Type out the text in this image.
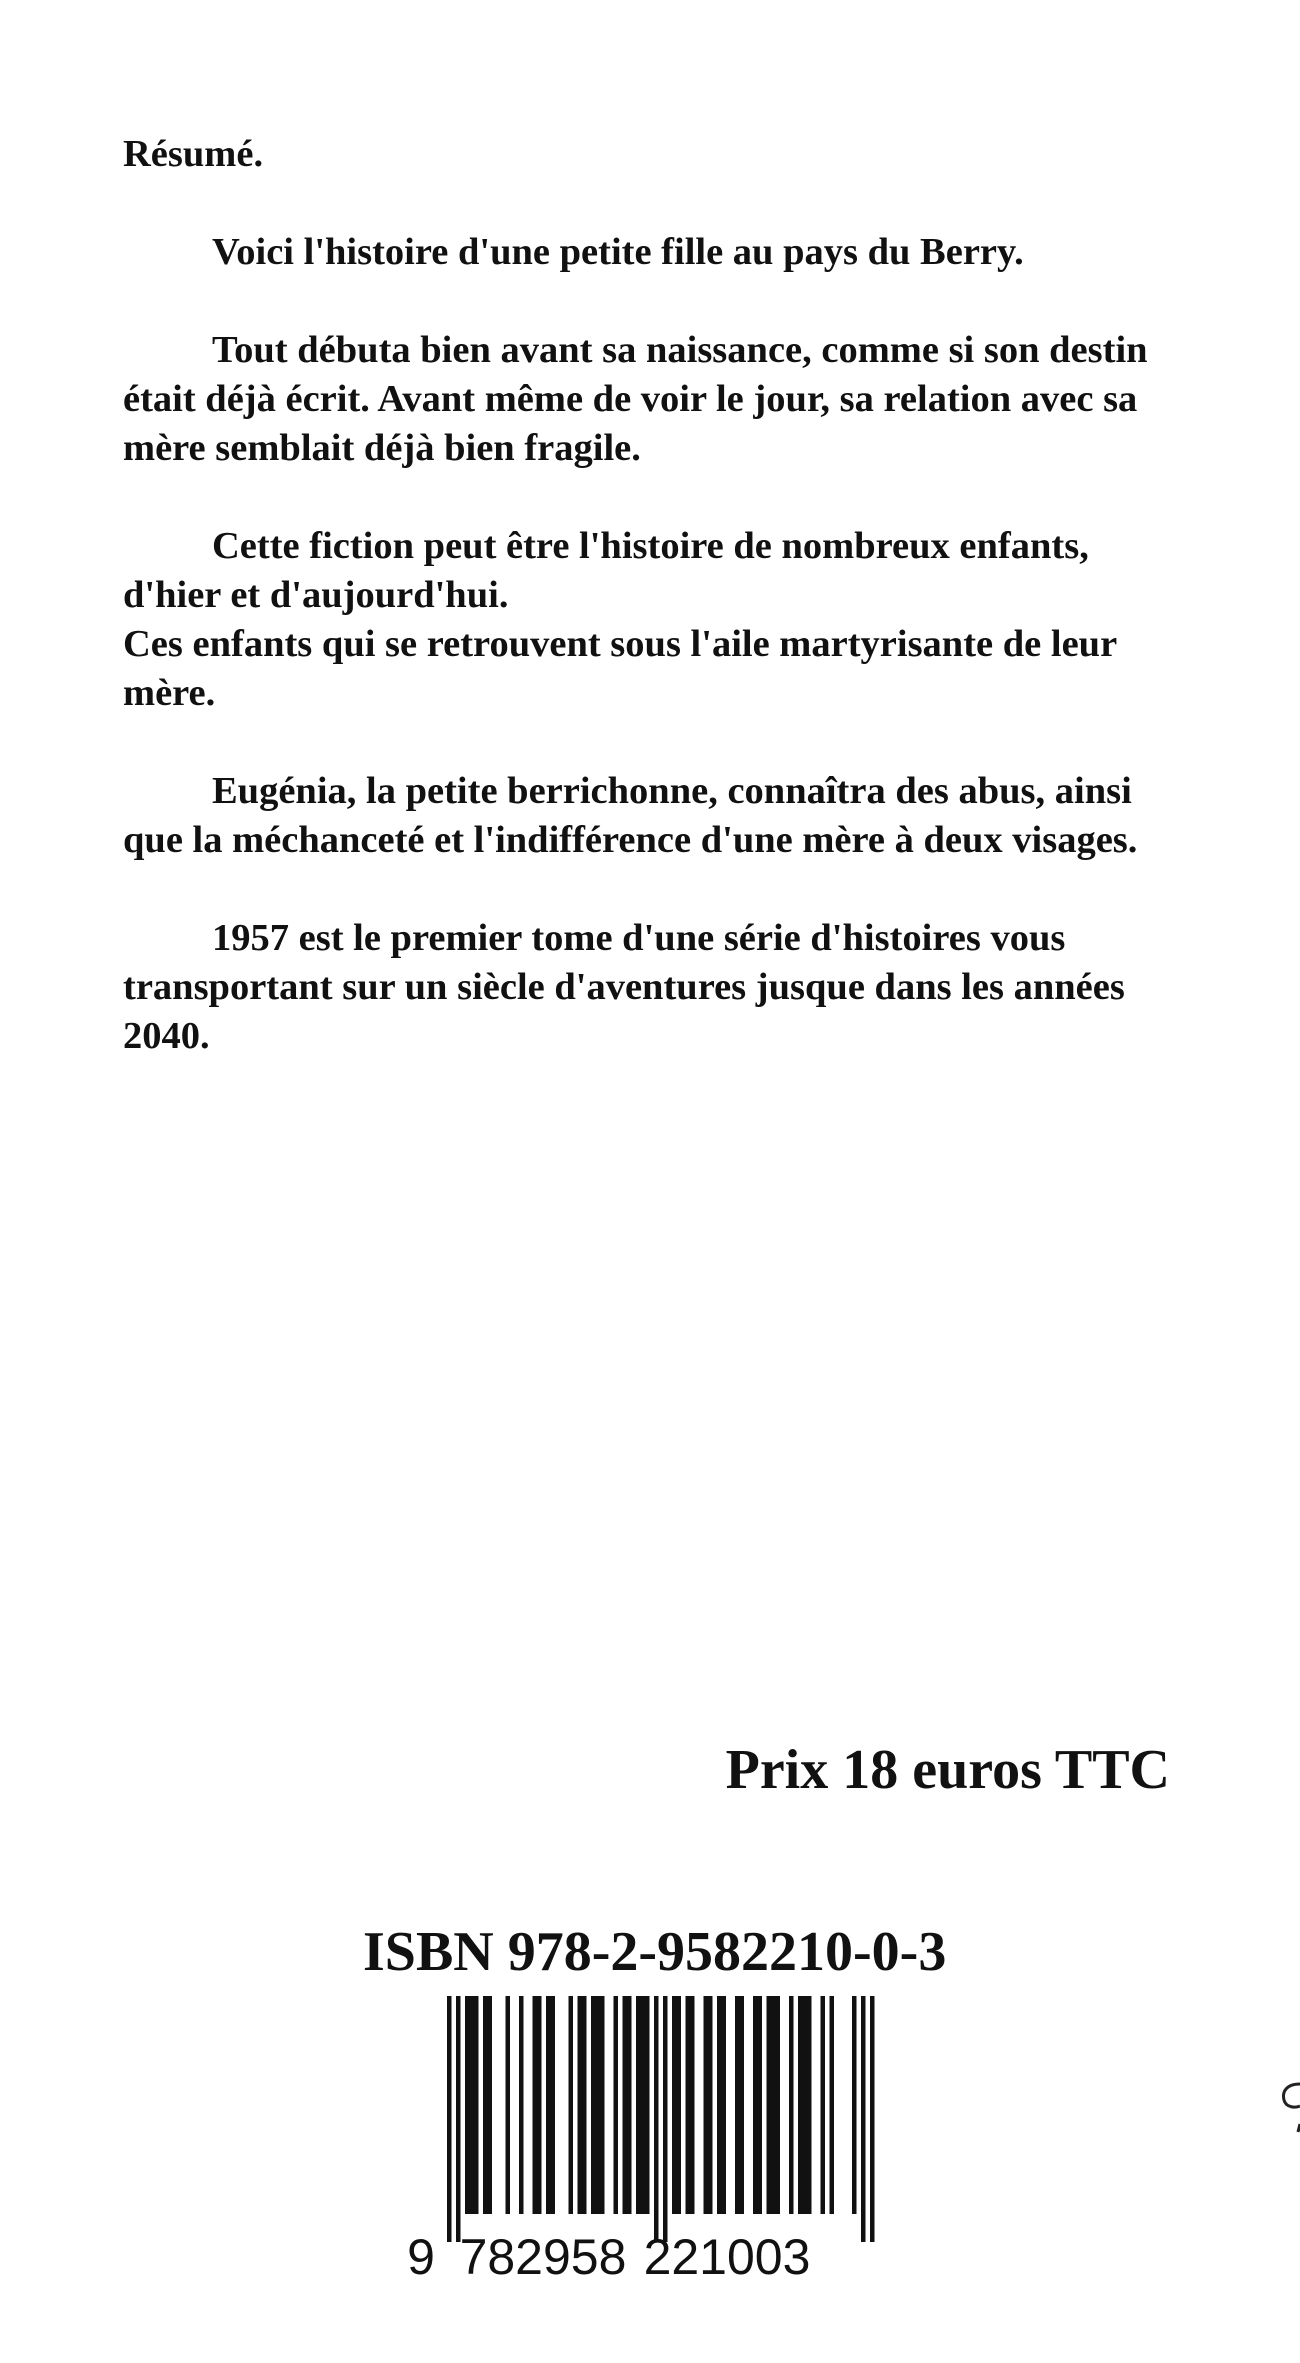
Résumé.

Voici l'histoire d'une petite fille au pays du Berry.

Tout débuta bien avant sa naissance, comme si son destin était déjà écrit. Avant même de voir le jour, sa relation avec sa mère semblait déjà bien fragile.

Cette fiction peut être l'histoire de nombreux enfants, d'hier et d'aujourd'hui.

Ces enfants qui se retrouvent sous l'aile martyrisante de leur mère.

Eugénia, la petite berrichonne, connaîtra des abus, ainsi que la méchanceté et l'indifférence d'une mère à deux visages.

1957 est le premier tome d'une série d'histoires vous transportant sur un siècle d'aventures jusque dans les années 2040.

Prix 18 euros TTC
ISBN 978-2-9582210-0-3
9 782958 221003
